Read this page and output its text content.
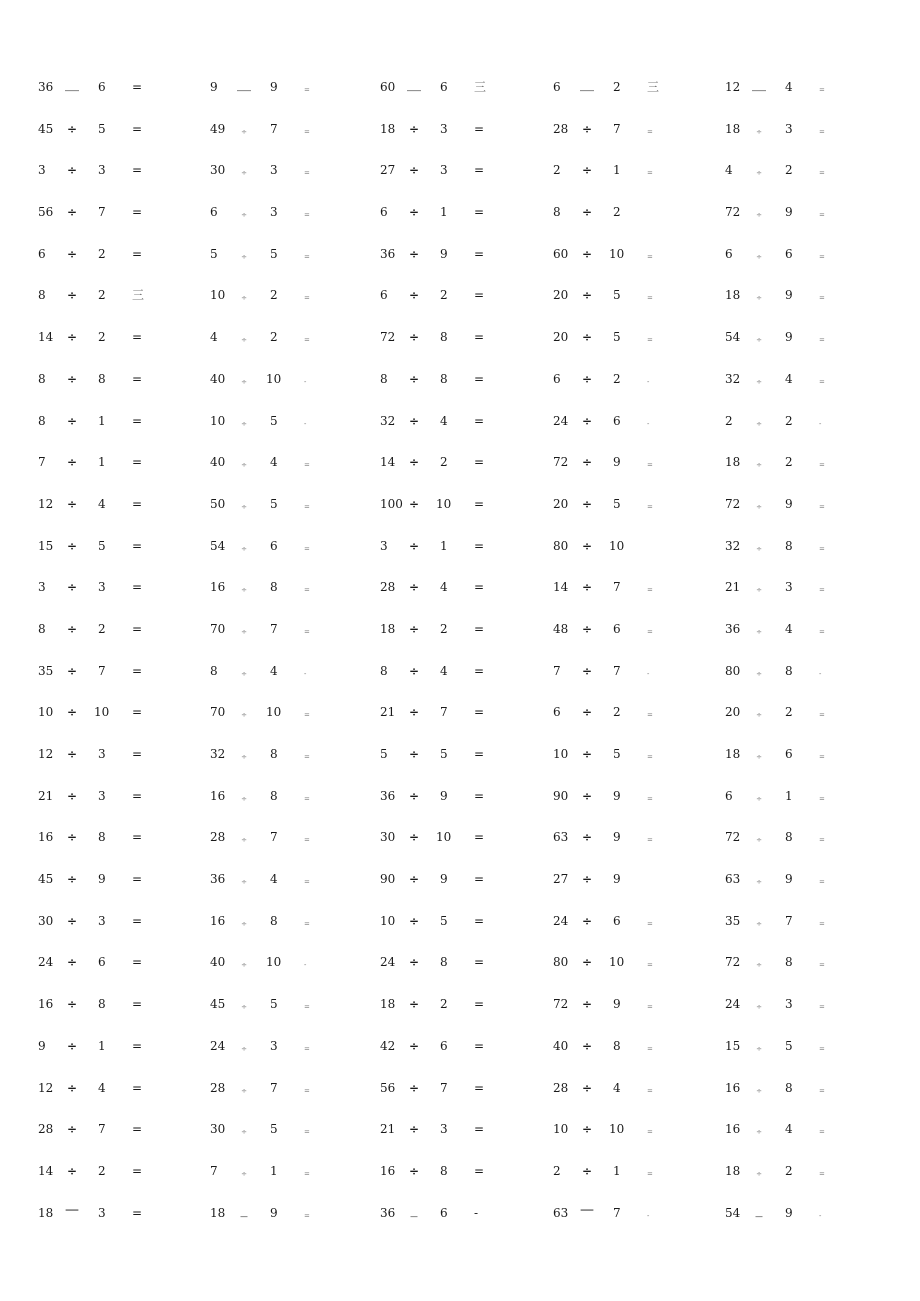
36 __ 6 =	9 __ 9	=	60 __ 6 三	6 __ 2 三	12 __ 4	=
45 ÷ 5 =	49	÷	7	=	18 ÷ 3 =	28 ÷ 7	=	18	÷	3	=
3 ÷ 3 =	30	÷	3	=	27 ÷ 3 =	2 ÷ 1	=	4	÷	2	=
56 ÷ 7 =	6	÷	3	=	6 ÷ 1 =	8 ÷ 2	72	÷	9	=
6 ÷ 2 =	5	÷	5	=	36 ÷ 9 =	60 ÷ 10	=	6	÷	6	=
8 ÷ 2 三	10	÷	2	=	6 ÷ 2 =	20 ÷ 5	=	18	÷	9	=
14 ÷ 2 =	4	÷	2	=	72 ÷ 8 =	20 ÷ 5	=	54	÷	9	=
8 ÷ 8 =	40	÷	10	-	8 ÷ 8 =	6 ÷ 2	-	32	÷	4	=
8 ÷ 1 =	10	÷	5	-	32 ÷ 4 =	24 ÷ 6	-	2	÷	2	-
7 ÷ 1 =	40	÷	4	=	14 ÷ 2 =	72 ÷ 9	=	18	÷	2	=
12 ÷ 4 =	50	÷	5	=	100 ÷ 10 =	20 ÷ 5	=	72	÷	9	=
15 ÷ 5 =	54	÷	6	=	3 ÷ 1 =	80 ÷ 10	32	÷	8	=
3 ÷ 3 =	16	÷	8	=	28 ÷ 4 =	14 ÷ 7	=	21	÷	3	=
8 ÷ 2 =	70	÷	7	=	18 ÷ 2 =	48 ÷ 6	=	36	÷	4	=
35 ÷ 7 =	8	÷	4	-	8 ÷ 4 =	7 ÷ 7	-	80	÷	8	-
10 ÷ 10 =	70	÷	10	=	21 ÷ 7 =	6 ÷ 2	=	20	÷	2	=
12 ÷ 3 =	32	÷	8	=	5 ÷ 5 =	10 ÷ 5	=	18	÷	6	=
21 ÷ 3 =	16	÷	8	=	36 ÷ 9 =	90 ÷ 9	=	6	÷	1	=
16 ÷ 8 =	28	÷	7	=	30 ÷ 10 =	63 ÷ 9	=	72	÷	8	=
45 ÷ 9 =	36	÷	4	=	90 ÷ 9 =	27 ÷ 9	63	÷	9	=
30 ÷ 3 =	16	÷	8	=	10 ÷ 5 =	24 ÷ 6	=	35	÷	7	=
24 ÷ 6 =	40	÷	10	-	24 ÷ 8 =	80 ÷ 10	=	72	÷	8	=
16 ÷ 8 =	45	÷	5	=	18 ÷ 2 =	72 ÷ 9	=	24	÷	3	=
9 ÷ 1 =	24	÷	3	=	42 ÷ 6 =	40 ÷ 8	=	15	÷	5	=
12 ÷ 4 =	28	÷	7	=	56 ÷ 7 =	28 ÷ 4	=	16	÷	8	=
28 ÷ 7 =	30	÷	5	=	21 ÷ 3 =	10 ÷ 10	=	16	÷	4	=
14 ÷ 2 =	7	÷	1	=	16 ÷ 8 =	2 ÷ 1	=	18	÷	2	=
18 — 3 =	18	_	9	=	36	_	6 -	63 — 7	-	54	_	9	-
